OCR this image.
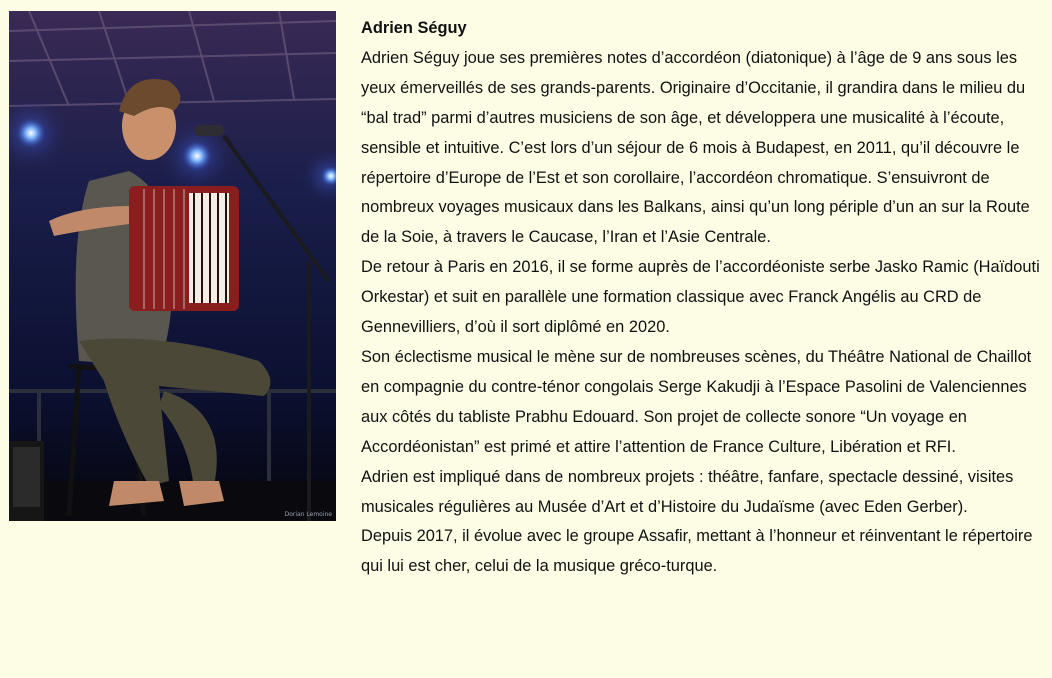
Dorian Lemoine

Adrien Séguy

Adrien Séguy joue ses premières notes d’accordéon (diatonique) à l’âge de 9 ans sous les yeux émerveillés de ses grands-parents. Originaire d’Occitanie, il grandira dans le milieu du “bal trad” parmi d’autres musiciens de son âge, et développera une musicalité à l’écoute, sensible et intuitive. C’est lors d’un séjour de 6 mois à Budapest, en 2011, qu’il découvre le répertoire d’Europe de l’Est et son corollaire, l’accordéon chromatique. S’ensuivront de nombreux voyages musicaux dans les Balkans, ainsi qu’un long périple d’un an sur la Route de la Soie, à travers le Caucase, l’Iran et l’Asie Centrale.

De retour à Paris en 2016, il se forme auprès de l’accordéoniste serbe Jasko Ramic (Haïdouti Orkestar) et suit en parallèle une formation classique avec Franck Angélis au CRD de Gennevilliers, d’où il sort diplômé en 2020.

Son éclectisme musical le mène sur de nombreuses scènes, du Théâtre National de Chaillot en compagnie du contre-ténor congolais Serge Kakudji à l’Espace Pasolini de Valenciennes aux côtés du tabliste Prabhu Edouard. Son projet de collecte sonore “Un voyage en Accordéonistan” est primé et attire l’attention de France Culture, Libération et RFI.

Adrien est impliqué dans de nombreux projets : théâtre, fanfare, spectacle dessiné, visites musicales régulières au Musée d’Art et d’Histoire du Judaïsme (avec Eden Gerber).

Depuis 2017, il évolue avec le groupe Assafir, mettant à l’honneur et réinventant le répertoire qui lui est cher, celui de la musique gréco-turque.
